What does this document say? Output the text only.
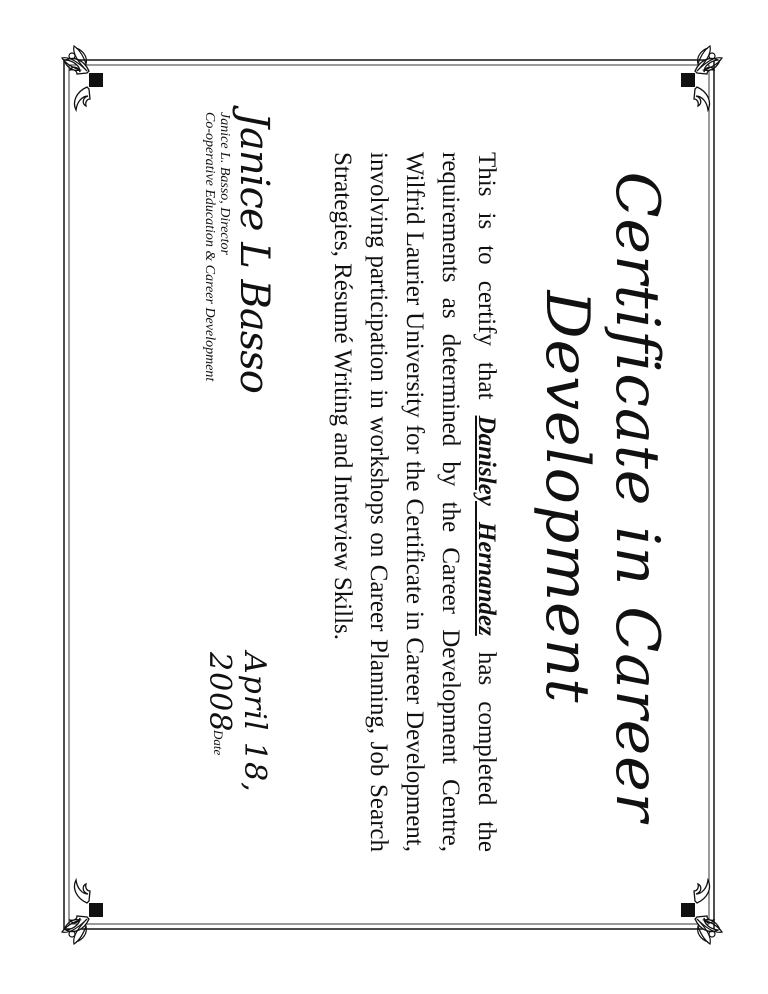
Certificate in Career
Development

This is to certify that Danisley Hernandez has completed the requirements as determined by the Career Development Centre, Wilfrid Laurier University for the Certificate in Career Development, involving participation in workshops on Career Planning, Job Search Strategies, Résumé Writing and Interview Skills.

Janice L Basso
Janice L. Basso, Director
Co-operative Education & Career Development
April 18, 2008
Date
